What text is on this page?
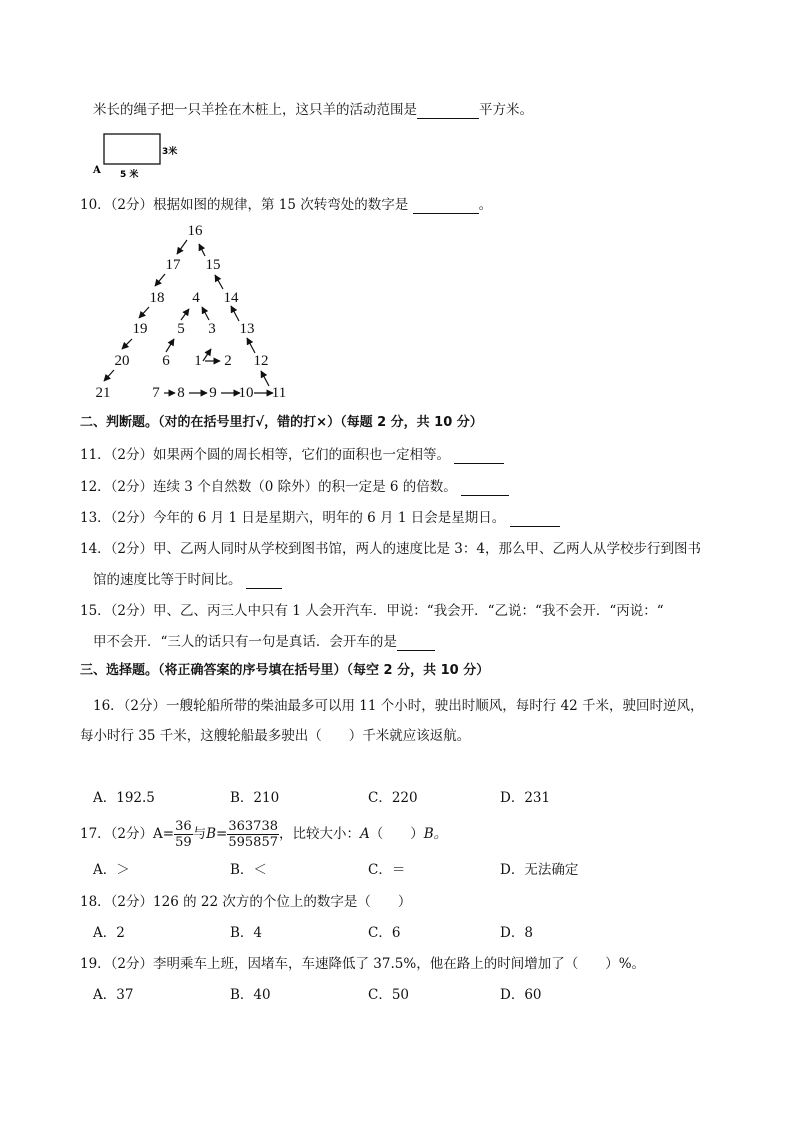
米长的绳子把一只羊拴在木桩上，这只羊的活动范围是	平方米。
A
3米
5 米
10．（2分）根据如图的规律，第 15 次转弯处的数字是	。
16
17 15
18 4 14
19 5 3 13
20 6 1 2 12
21	7 8 9 10 11
二、判断题。（对的在括号里打√，错的打×）（每题 2 分，共 10 分）
11．（2分）如果两个圆的周长相等，它们的面积也一定相等。
12．（2分）连续 3 个自然数（0 除外）的积一定是 6 的倍数。
13．（2分）今年的 6 月 1 日是星期六，明年的 6 月 1 日会是星期日。
14．（2分）甲、乙两人同时从学校到图书馆，两人的速度比是 3：4，那么甲、乙两人从学校步行到图书
馆的速度比等于时间比。
15．（2分）甲、乙、丙三人中只有 1 人会开汽车．甲说：“我会开．“乙说：“我不会开．“丙说：“
甲不会开．“三人的话只有一句是真话．会开车的是
三、选择题。（将正确答案的序号填在括号里）（每空 2 分，共 10 分）
16．（2分）一艘轮船所带的柴油最多可以用 11 个小时，驶出时顺风，每时行 42 千米，驶回时逆风，
每小时行 35 千米，这艘轮船最多驶出（　　）千米就应该返航。
A．192.5	B．210	C．220	D．231
17．（2分）$A= \frac{36}{59}$ 与$B= \frac{363738}{595857}$ ，比较大小：A（　　）B。
A．＞	B．＜	C．＝	D．无法确定
18．（2分）126 的 22 次方的个位上的数字是（　　）
A．2	B．4	C．6	D．8
19．（2分）李明乘车上班，因堵车，车速降低了 37.5%，他在路上的时间增加了（　　）%。
A．37	B．40	C．50	D．60
